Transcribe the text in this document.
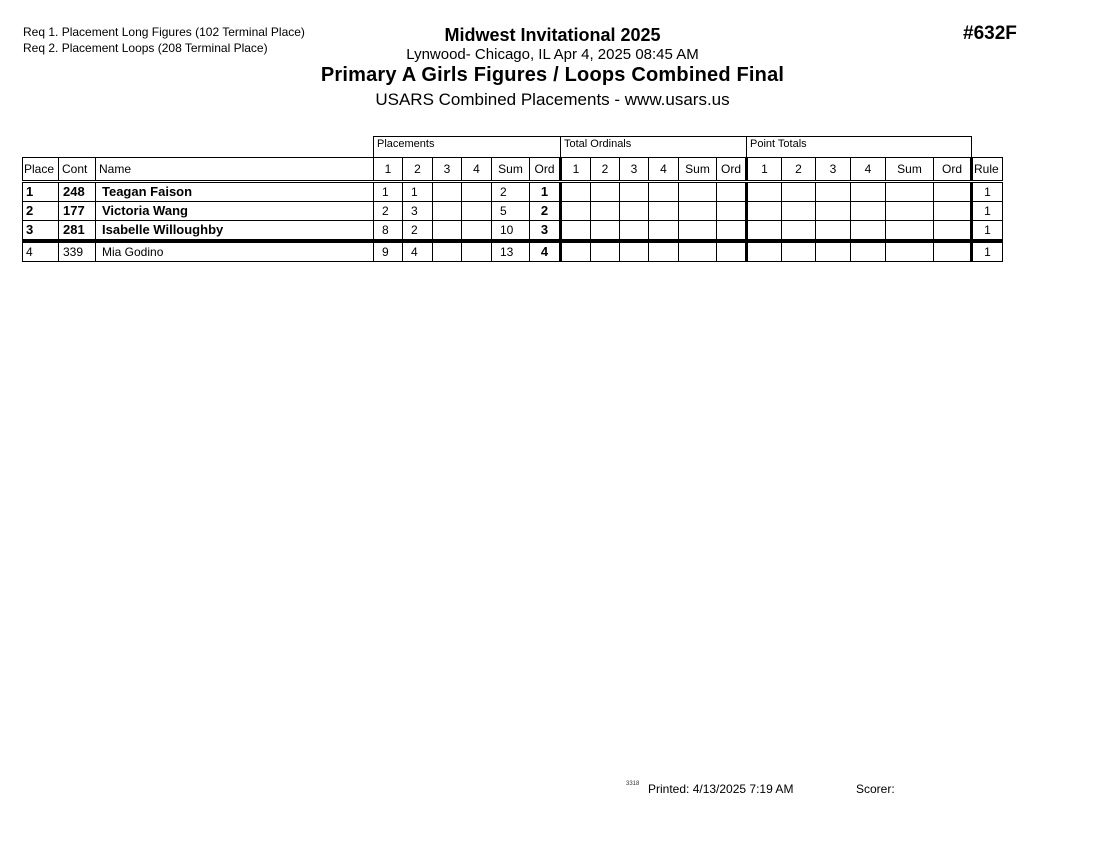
Req 1. Placement Long Figures (102 Terminal Place)
Req 2. Placement Loops (208 Terminal Place)
Midwest Invitational 2025
Lynwood- Chicago, IL Apr 4, 2025 08:45 AM
Primary A Girls Figures / Loops Combined Final
USARS Combined Placements - www.usars.us
#632F
			Placements						Total Ordinals						Point Totals						
Place	Cont	Name	1	2	3	4	Sum	Ord	1	2	3	4	Sum	Ord	1	2	3	4	Sum	Ord	Rule
1	248	Teagan Faison	1	1			2	1													1
2	177	Victoria Wang	2	3			5	2													1
3	281	Isabelle Willoughby	8	2			10	3													1
4	339	Mia Godino	9	4			13	4													1
3318 Printed: 4/13/2025 7:19 AM	Scorer:
